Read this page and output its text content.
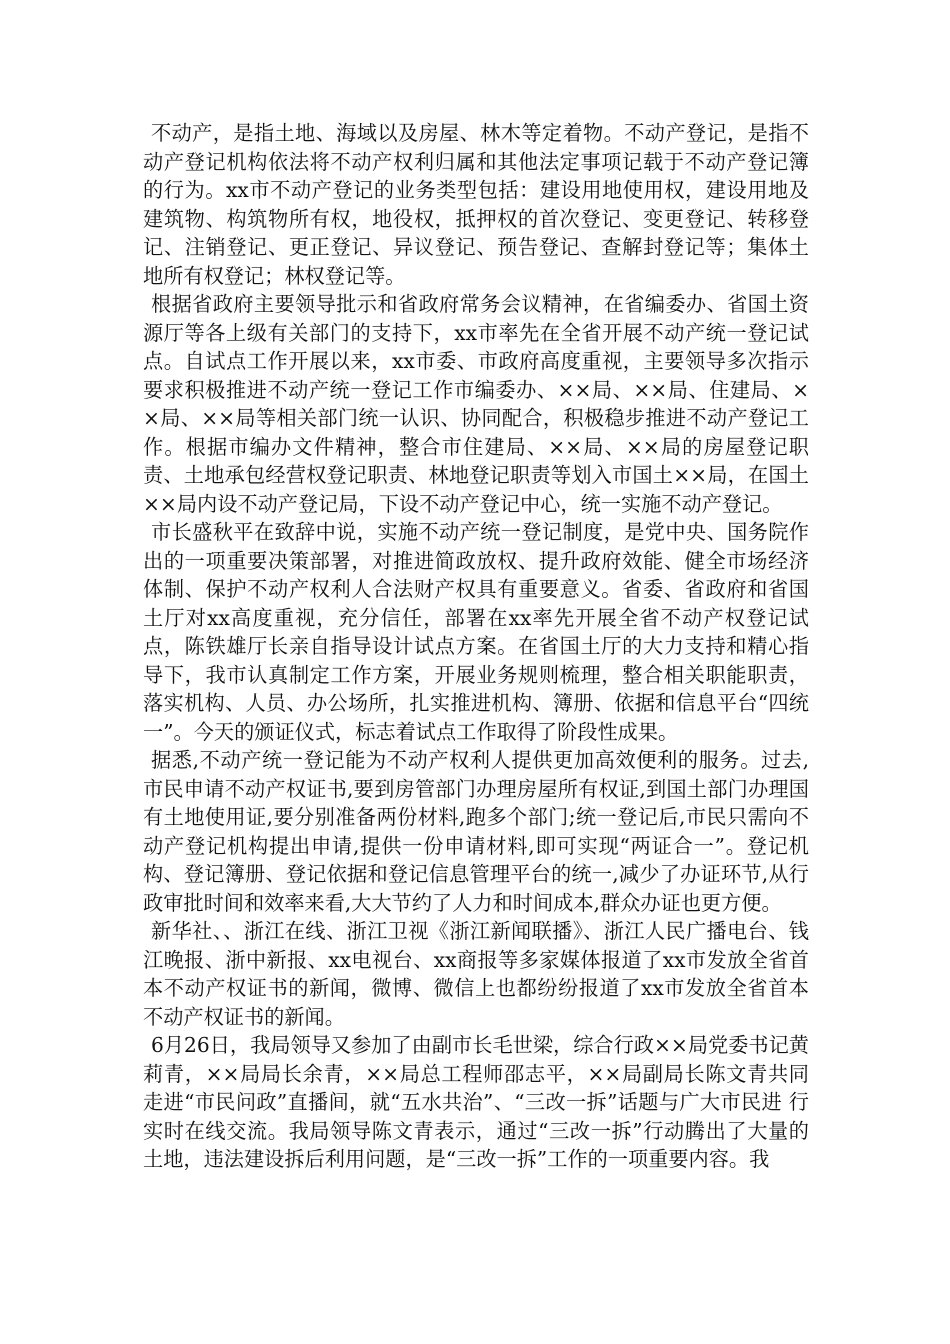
不动产，是指土地、海域以及房屋、林木等定着物。不动产登记，是指不动产登记机构依法将不动产权利归属和其他法定事项记载于不动产登记簿的行为。xx市不动产登记的业务类型包括：建设用地使用权，建设用地及建筑物、构筑物所有权，地役权，抵押权的首次登记、变更登记、转移登记、注销登记、更正登记、异议登记、预告登记、查解封登记等；集体土地所有权登记；林权登记等。

根据省政府主要领导批示和省政府常务会议精神，在省编委办、省国土资源厅等各上级有关部门的支持下，xx市率先在全省开展不动产统一登记试点。自试点工作开展以来，xx市委、市政府高度重视，主要领导多次指示要求积极推进不动产统一登记工作市编委办、××局、××局、住建局、××局、××局等相关部门统一认识、协同配合，积极稳步推进不动产登记工作。根据市编办文件精神，整合市住建局、××局、××局的房屋登记职责、土地承包经营权登记职责、林地登记职责等划入市国土××局，在国土××局内设不动产登记局，下设不动产登记中心，统一实施不动产登记。

市长盛秋平在致辞中说，实施不动产统一登记制度，是党中央、国务院作出的一项重要决策部署，对推进简政放权、提升政府效能、健全市场经济体制、保护不动产权利人合法财产权具有重要意义。省委、省政府和省国土厅对xx高度重视，充分信任，部署在xx率先开展全省不动产权登记试点，陈铁雄厅长亲自指导设计试点方案。在省国土厅的大力支持和精心指导下，我市认真制定工作方案，开展业务规则梳理，整合相关职能职责，落实机构、人员、办公场所，扎实推进机构、簿册、依据和信息平台“四统一”。今天的颁证仪式，标志着试点工作取得了阶段性成果。

据悉,不动产统一登记能为不动产权利人提供更加高效便利的服务。过去,市民申请不动产权证书,要到房管部门办理房屋所有权证,到国土部门办理国有土地使用证,要分别准备两份材料,跑多个部门;统一登记后,市民只需向不动产登记机构提出申请,提供一份申请材料,即可实现“两证合一”。登记机构、登记簿册、登记依据和登记信息管理平台的统一,减少了办证环节,从行政审批时间和效率来看,大大节约了人力和时间成本,群众办证也更方便。

新华社、、浙江在线、浙江卫视《浙江新闻联播》、浙江人民广播电台、钱江晚报、浙中新报、xx电视台、xx商报等多家媒体报道了xx市发放全省首本不动产权证书的新闻，微博、微信上也都纷纷报道了xx市发放全省首本不动产权证书的新闻。

6月26日，我局领导又参加了由副市长毛世梁，综合行政××局党委书记黄莉青，××局局长余青，××局总工程师邵志平，××局副局长陈文青共同走进“市民问政”直播间，就“五水共治”、“三改一拆”话题与广大市民进 行实时在线交流。我局领导陈文青表示，通过“三改一拆”行动腾出了大量的土地，违法建设拆后利用问题，是“三改一拆”工作的一项重要内容。我
